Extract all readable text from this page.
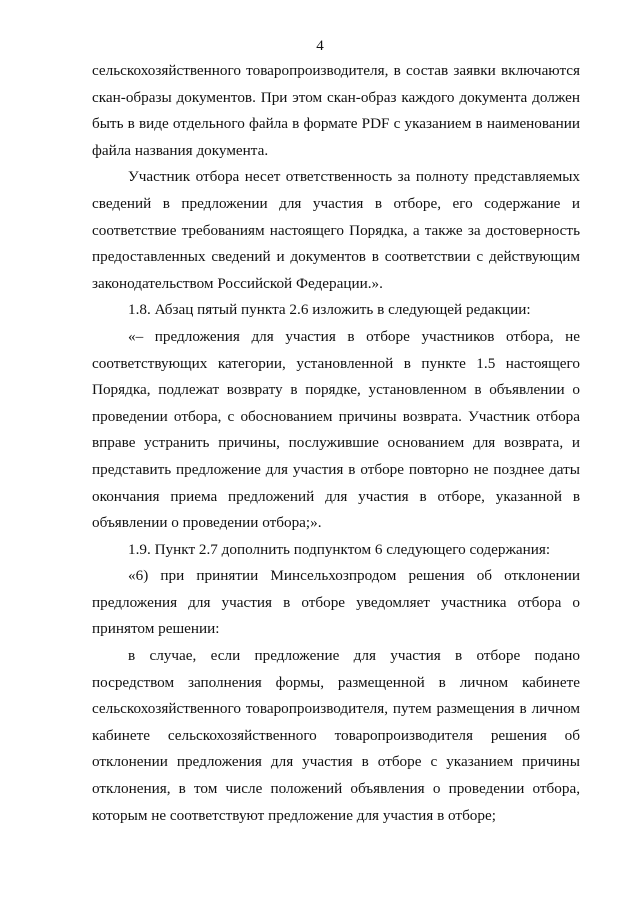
4

сельскохозяйственного товаропроизводителя, в состав заявки включаются скан-образы документов. При этом скан-образ каждого документа должен быть в виде отдельного файла в формате PDF с указанием в наименовании файла названия документа.

Участник отбора несет ответственность за полноту представляемых сведений в предложении для участия в отборе, его содержание и соответствие требованиям настоящего Порядка, а также за достоверность предоставленных сведений и документов в соответствии с действующим законодательством Российской Федерации.».

1.8. Абзац пятый пункта 2.6 изложить в следующей редакции:

«– предложения для участия в отборе участников отбора, не соответствующих категории, установленной в пункте 1.5 настоящего Порядка, подлежат возврату в порядке, установленном в объявлении о проведении отбора, с обоснованием причины возврата. Участник отбора вправе устранить причины, послужившие основанием для возврата, и представить предложение для участия в отборе повторно не позднее даты окончания приема предложений для участия в отборе, указанной в объявлении о проведении отбора;».

1.9. Пункт 2.7 дополнить подпунктом 6 следующего содержания:

«6) при принятии Минсельхозпродом решения об отклонении предложения для участия в отборе уведомляет участника отбора о принятом решении:

в случае, если предложение для участия в отборе подано посредством заполнения формы, размещенной в личном кабинете сельскохозяйственного товаропроизводителя, путем размещения в личном кабинете сельскохозяйственного товаропроизводителя решения об отклонении предложения для участия в отборе с указанием причины отклонения, в том числе положений объявления о проведении отбора, которым не соответствуют предложение для участия в отборе;
